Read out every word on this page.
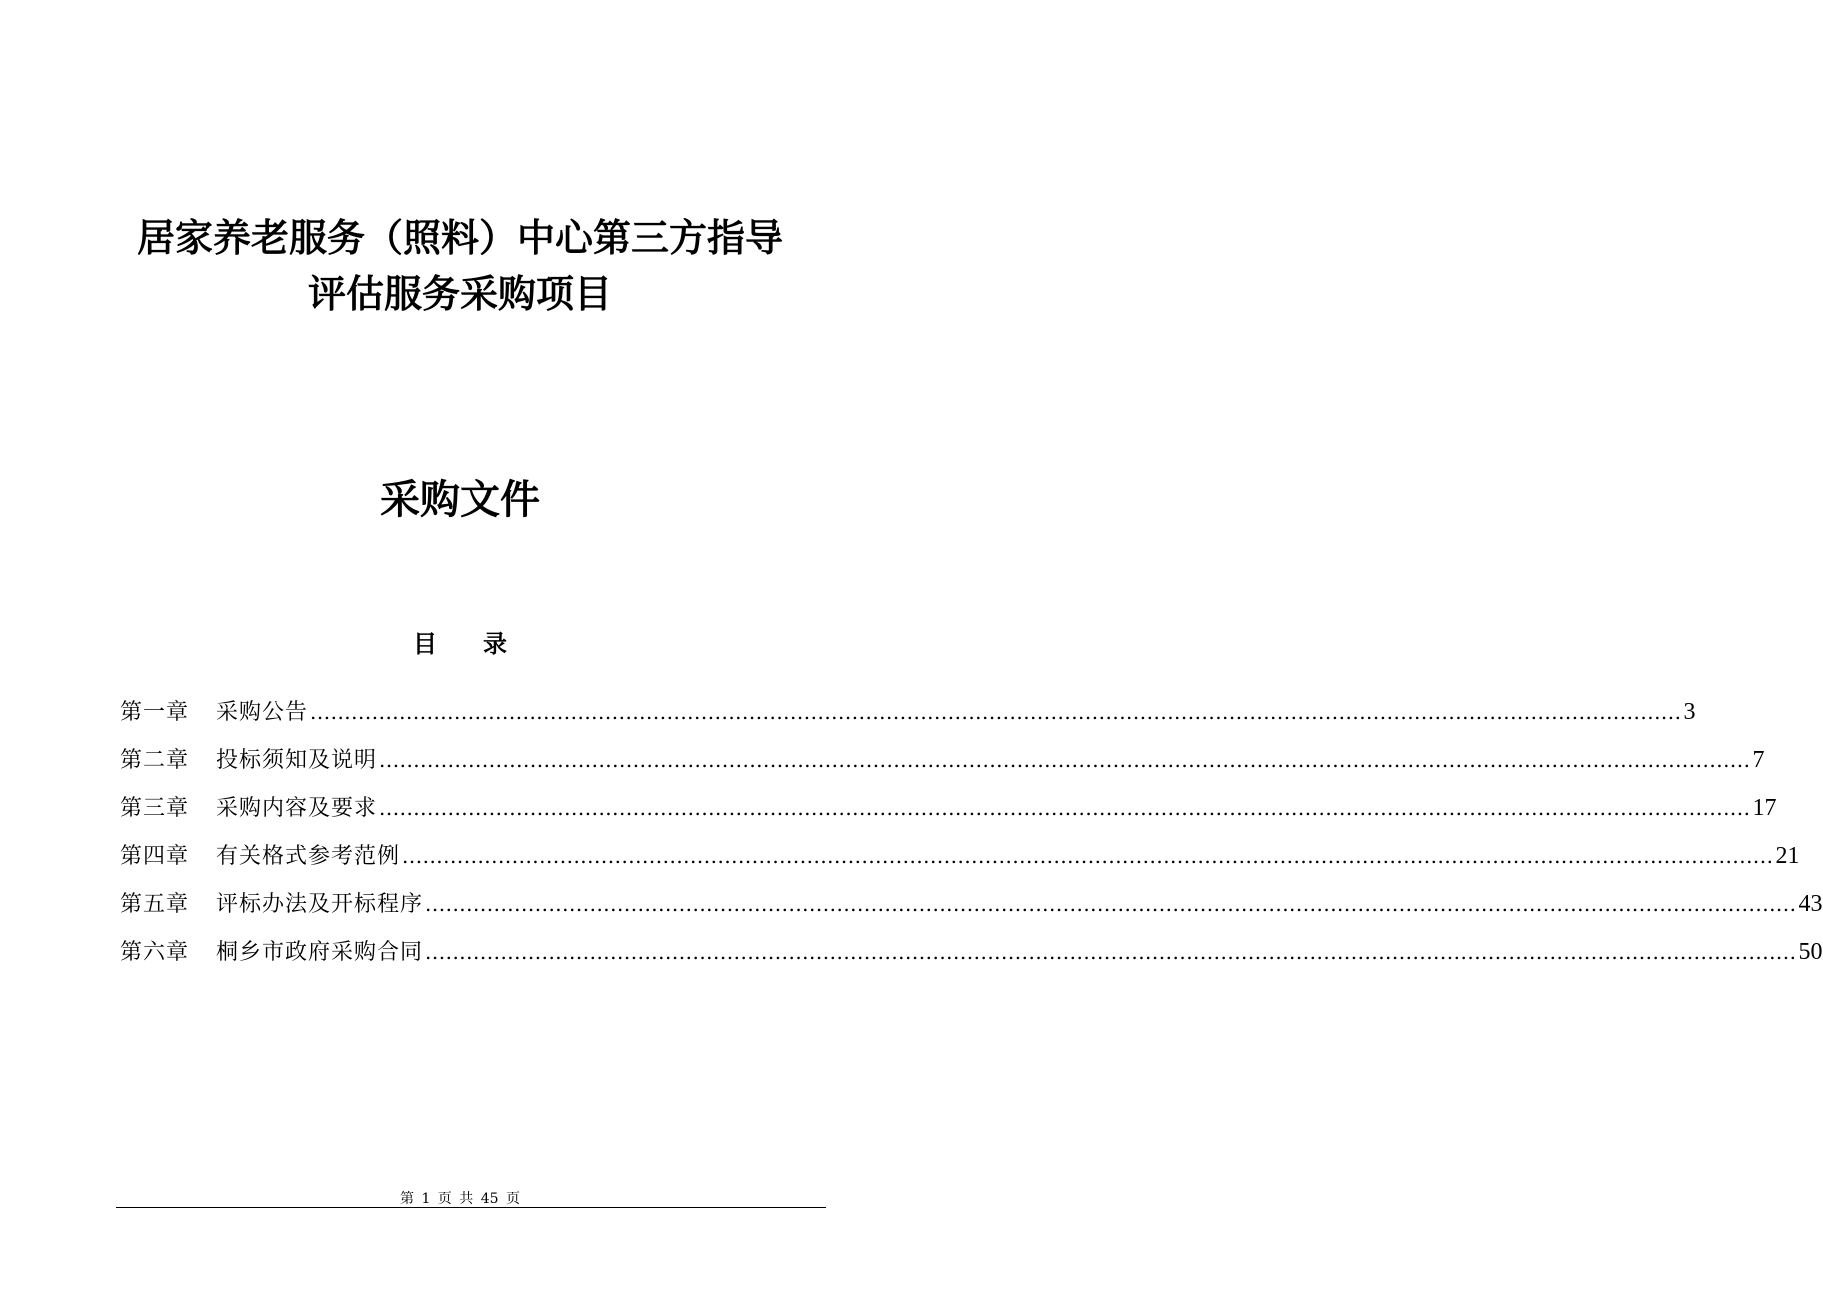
居家养老服务（照料）中心第三方指导
评估服务采购项目
采购文件
目 录
第一章	采购公告 ........................................................................................................................................................................................................ 3
第二章	投标须知及说明 ........................................................................................................................................................................................................ 7
第三章	采购内容及要求 ........................................................................................................................................................................................................ 17
第四章	有关格式参考范例 ........................................................................................................................................................................................................ 21
第五章	评标办法及开标程序 ........................................................................................................................................................................................................ 43
第六章	桐乡市政府采购合同 ........................................................................................................................................................................................................ 50
第 1 页 共 45 页
